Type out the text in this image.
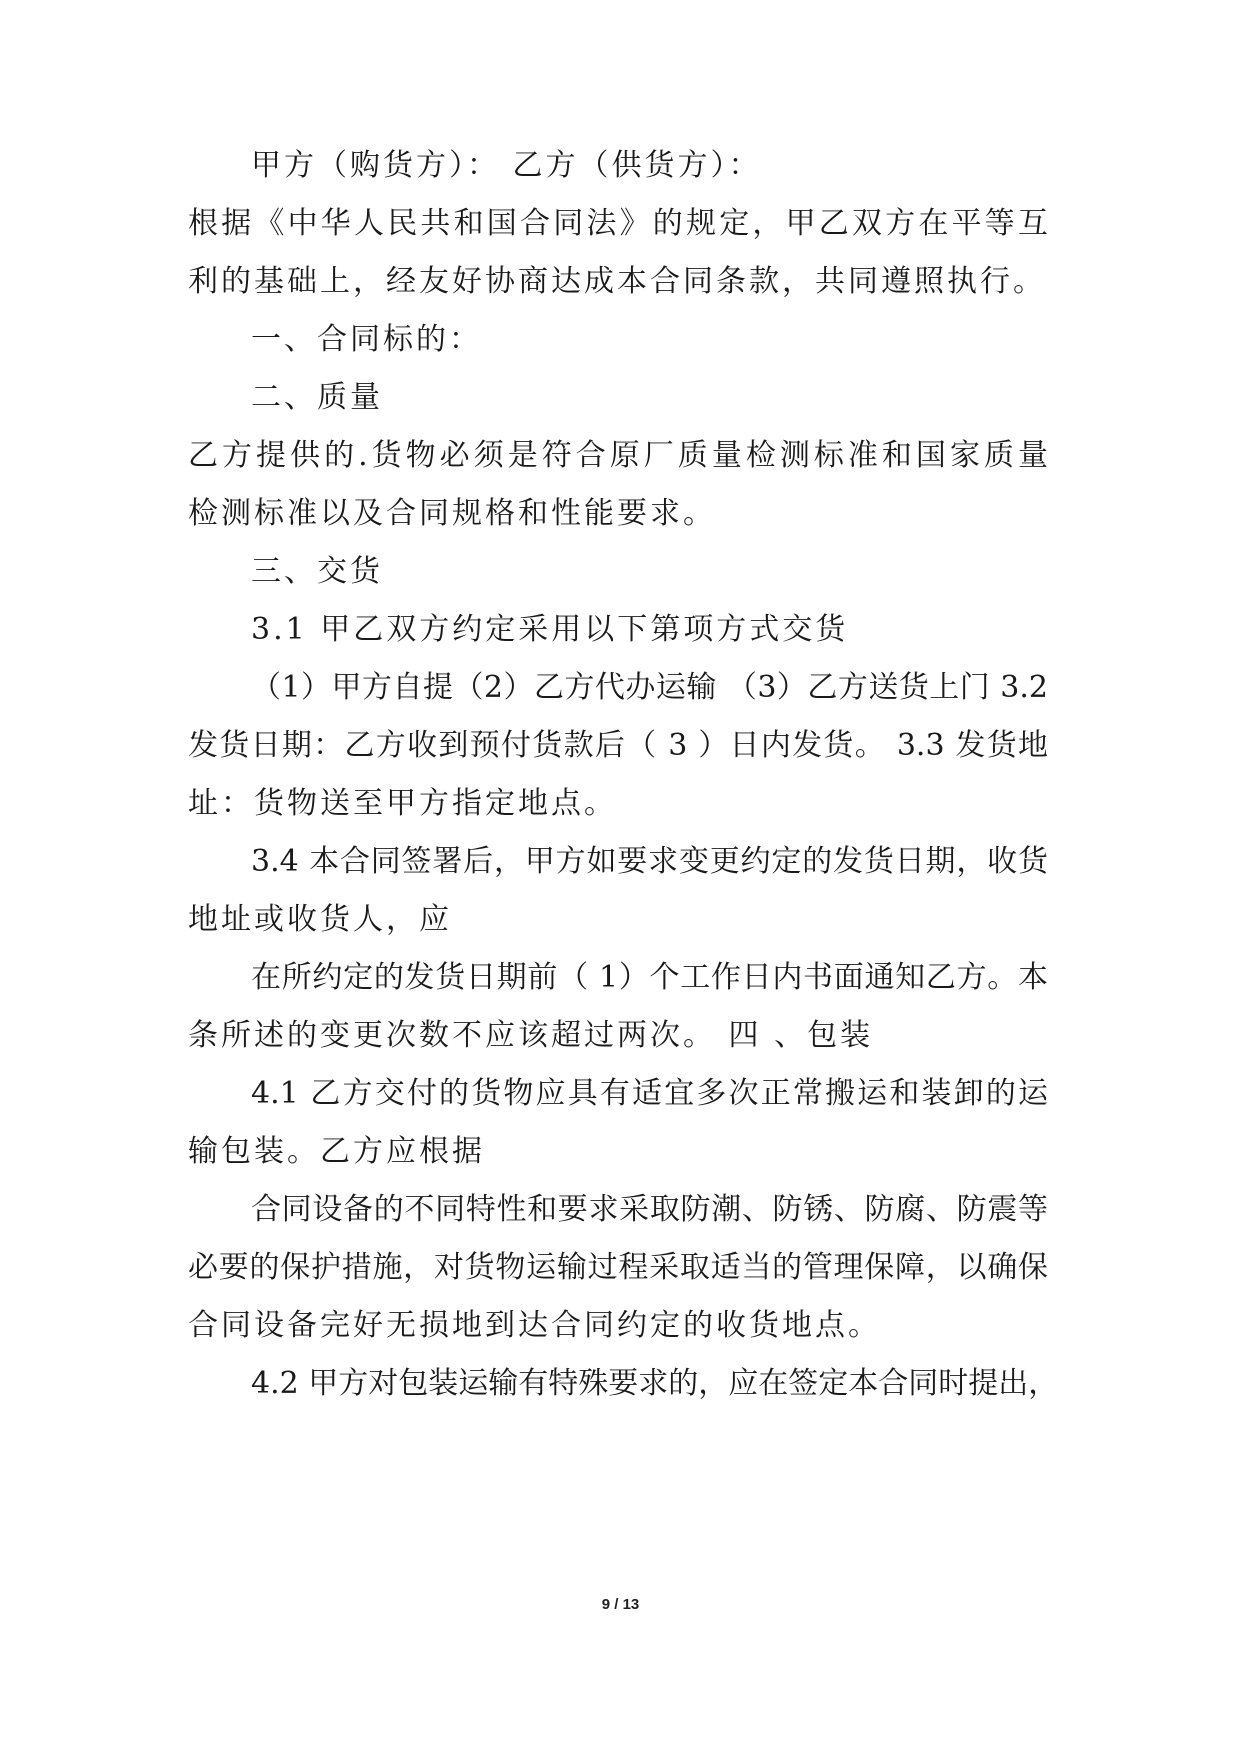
甲方（购货方）： 乙方（供货方）：
根据《中华人民共和国合同法》的规定，甲乙双方在平等互
利的基础上，经友好协商达成本合同条款，共同遵照执行。
一、合同标的：
二、质量
乙方提供的.货物必须是符合原厂质量检测标准和国家质量
检测标准以及合同规格和性能要求。
三、交货
3.1 甲乙双方约定采用以下第项方式交货
（1）甲方自提（2）乙方代办运输 （3）乙方送货上门 3.2
发货日期：乙方收到预付货款后（ 3 ）日内发货。 3.3 发货地
址：货物送至甲方指定地点。
3.4 本合同签署后，甲方如要求变更约定的发货日期，收货
地址或收货人，应
在所约定的发货日期前（ 1）个工作日内书面通知乙方。本
条所述的变更次数不应该超过两次。 四 、包装
4.1 乙方交付的货物应具有适宜多次正常搬运和装卸的运
输包装。乙方应根据
合同设备的不同特性和要求采取防潮、防锈、防腐、防震等
必要的保护措施，对货物运输过程采取适当的管理保障，以确保
合同设备完好无损地到达合同约定的收货地点。
4.2 甲方对包装运输有特殊要求的，应在签定本合同时提出，
9 / 13
